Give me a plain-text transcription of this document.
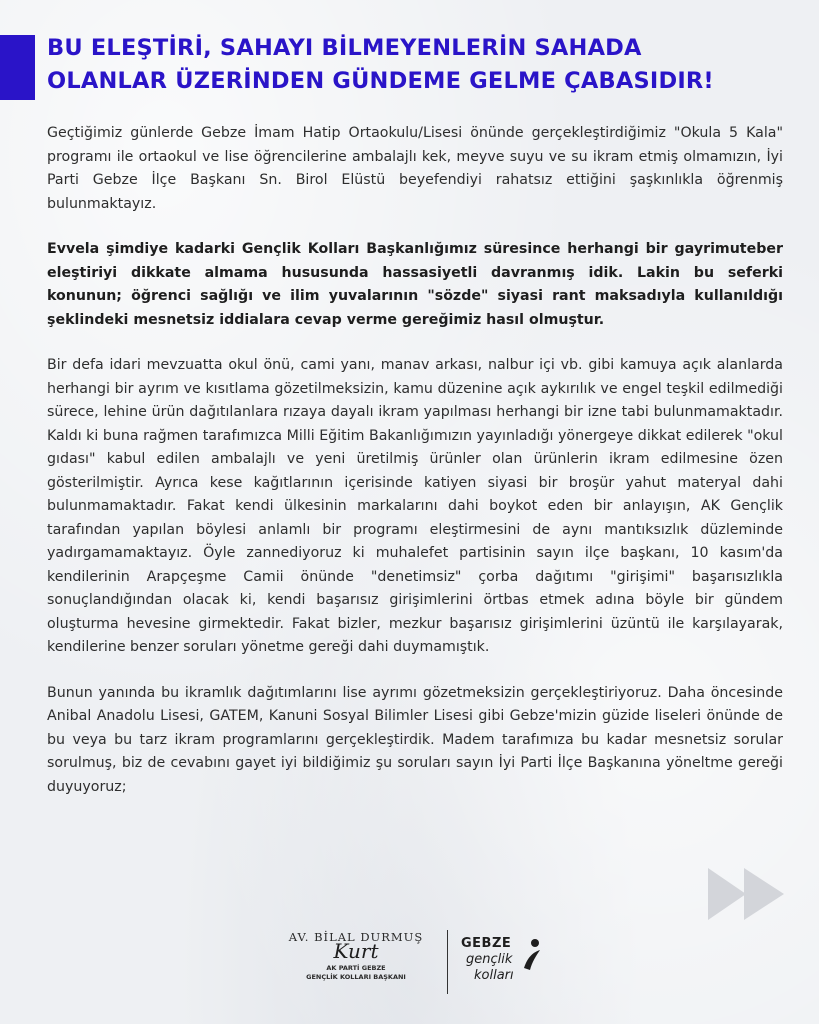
BU ELEŞTİRİ, SAHAYI BİLMEYENLERİN SAHADA
OLANLAR ÜZERİNDEN GÜNDEME GELME ÇABASIDIR!

Geçtiğimiz günlerde Gebze İmam Hatip Ortaokulu/Lisesi önünde gerçekleştirdiğimiz "Okula 5 Kala" programı ile ortaokul ve lise öğrencilerine ambalajlı kek, meyve suyu ve su ikram etmiş olmamızın, İyi Parti Gebze İlçe Başkanı Sn. Birol Elüstü beyefendiyi rahatsız ettiğini şaşkınlıkla öğrenmiş bulunmaktayız.

Evvela şimdiye kadarki Gençlik Kolları Başkanlığımız süresince herhangi bir gayrimuteber eleştiriyi dikkate almama hususunda hassasiyetli davranmış idik. Lakin bu seferki konunun; öğrenci sağlığı ve ilim yuvalarının "sözde" siyasi rant maksadıyla kullanıldığı şeklindeki mesnetsiz iddialara cevap verme gereğimiz hasıl olmuştur.

Bir defa idari mevzuatta okul önü, cami yanı, manav arkası, nalbur içi vb. gibi kamuya açık alanlarda herhangi bir ayrım ve kısıtlama gözetilmeksizin, kamu düzenine açık aykırılık ve engel teşkil edilmediği sürece, lehine ürün dağıtılanlara rızaya dayalı ikram yapılması herhangi bir izne tabi bulunmamaktadır. Kaldı ki buna rağmen tarafımızca Milli Eğitim Bakanlığımızın yayınladığı yönergeye dikkat edilerek "okul gıdası" kabul edilen ambalajlı ve yeni üretilmiş ürünler olan ürünlerin ikram edilmesine özen gösterilmiştir. Ayrıca kese kağıtlarının içerisinde katiyen siyasi bir broşür yahut materyal dahi bulunmamaktadır. Fakat kendi ülkesinin markalarını dahi boykot eden bir anlayışın, AK Gençlik tarafından yapılan böylesi anlamlı bir programı eleştirmesini de aynı mantıksızlık düzleminde yadırgamamaktayız. Öyle zannediyoruz ki muhalefet partisinin sayın ilçe başkanı, 10 kasım'da kendilerinin Arapçeşme Camii önünde "denetimsiz" çorba dağıtımı "girişimi" başarısızlıkla sonuçlandığından olacak ki, kendi başarısız girişimlerini örtbas etmek adına böyle bir gündem oluşturma hevesine girmektedir. Fakat bizler, mezkur başarısız girişimlerini üzüntü ile karşılayarak, kendilerine benzer soruları yönetme gereği dahi duymamıştık.

Bunun yanında bu ikramlık dağıtımlarını lise ayrımı gözetmeksizin gerçekleştiriyoruz. Daha öncesinde Anibal Anadolu Lisesi, GATEM, Kanuni Sosyal Bilimler Lisesi gibi Gebze'mizin güzide liseleri önünde de bu veya bu tarz ikram programlarını gerçekleştirdik. Madem tarafımıza bu kadar mesnetsiz sorular sorulmuş, biz de cevabını gayet iyi bildiğimiz şu soruları sayın İyi Parti İlçe Başkanına yöneltme gereği duyuyoruz;

AV. BİLAL DURMUŞ
Kurt
AK PARTİ GEBZE
GENÇLİK KOLLARI BAŞKANI
GEBZE
gençlik
kolları
